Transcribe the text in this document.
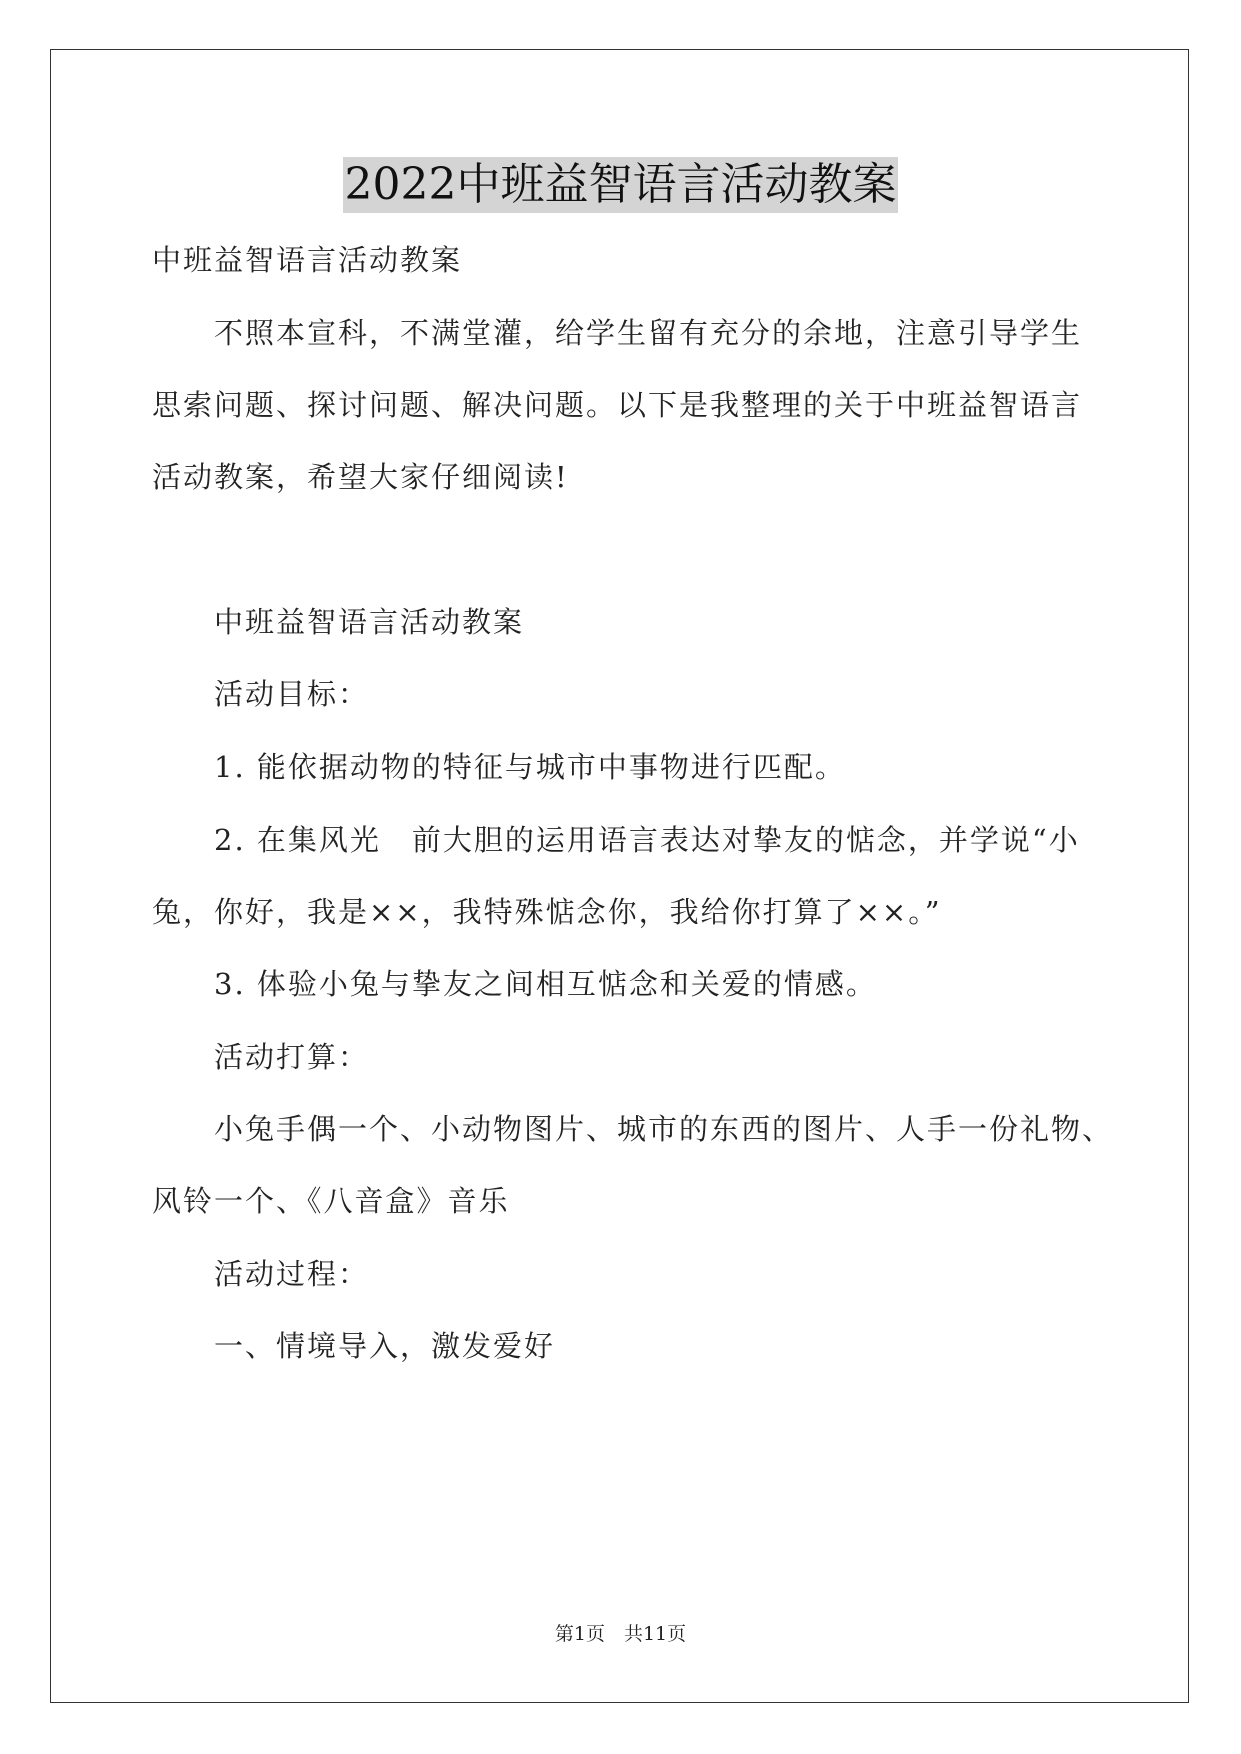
2022中班益智语言活动教案

中班益智语言活动教案

不照本宣科，不满堂灌，给学生留有充分的余地，注意引导学生

思索问题、探讨问题、解决问题。以下是我整理的关于中班益智语言

活动教案，希望大家仔细阅读!

中班益智语言活动教案

活动目标：

1. 能依据动物的特征与城市中事物进行匹配。

2. 在集风光　前大胆的运用语言表达对挚友的惦念，并学说“小

兔，你好，我是××，我特殊惦念你，我给你打算了××。”

3. 体验小兔与挚友之间相互惦念和关爱的情感。

活动打算：

小兔手偶一个、小动物图片、城市的东西的图片、人手一份礼物、

风铃一个、《八音盒》音乐

活动过程：

一、情境导入，激发爱好

第1页　共11页
